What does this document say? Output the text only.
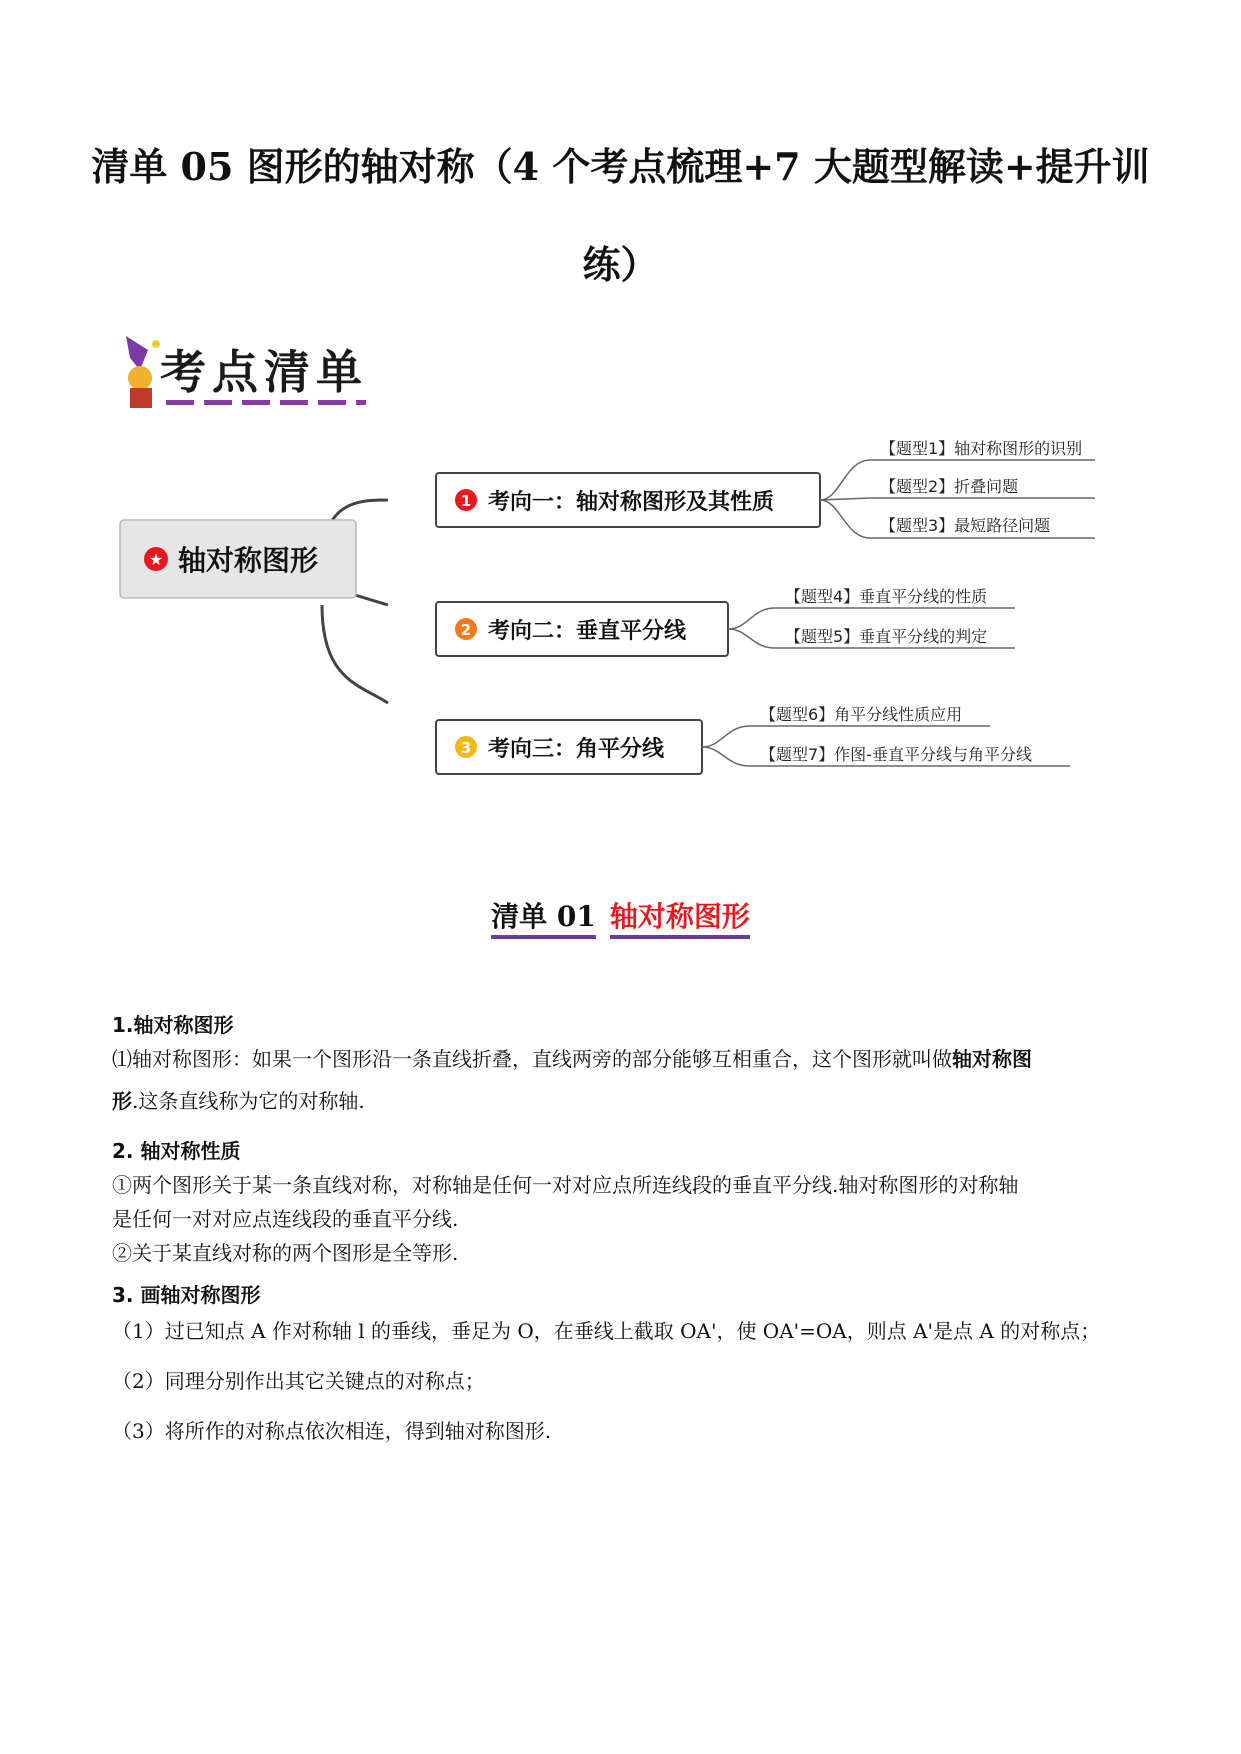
清单 05 图形的轴对称（4 个考点梳理+7 大题型解读+提升训
练）
考点清单
★ 轴对称图形
1 考向一：轴对称图形及其性质
【题型1】轴对称图形的识别
【题型2】折叠问题
【题型3】最短路径问题
2 考向二：垂直平分线
【题型4】垂直平分线的性质
【题型5】垂直平分线的判定
3 考向三：角平分线
【题型6】角平分线性质应用
【题型7】作图-垂直平分线与角平分线
清单 01 轴对称图形
1.轴对称图形

⑴轴对称图形：如果一个图形沿一条直线折叠，直线两旁的部分能够互相重合，这个图形就叫做轴对称图

形.这条直线称为它的对称轴.

2. 轴对称性质

①两个图形关于某一条直线对称，对称轴是任何一对对应点所连线段的垂直平分线.轴对称图形的对称轴

是任何一对对应点连线段的垂直平分线.

②关于某直线对称的两个图形是全等形.

3. 画轴对称图形

（1）过已知点 A 作对称轴 l 的垂线，垂足为 O，在垂线上截取 OA'，使 OA'=OA，则点 A'是点 A 的对称点；

（2）同理分别作出其它关键点的对称点；

（3）将所作的对称点依次相连，得到轴对称图形.
